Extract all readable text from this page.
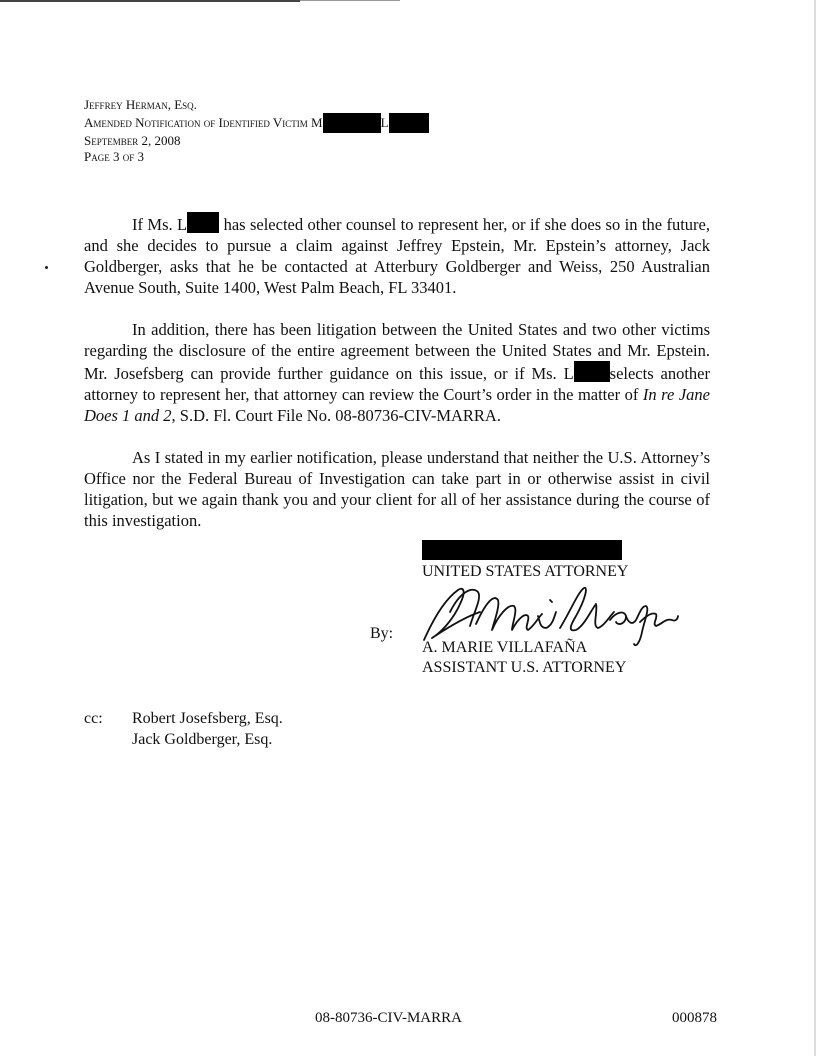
Jeffrey Herman, Esq.
Amended Notification of Identified Victim M	L
September 2, 2008
Page 3 of 3

If Ms. L has selected other counsel to represent her, or if she does so in the future, and she decides to pursue a claim against Jeffrey Epstein, Mr. Epstein’s attorney, Jack Goldberger, asks that he be contacted at Atterbury Goldberger and Weiss, 250 Australian Avenue South, Suite 1400, West Palm Beach, FL 33401.

In addition, there has been litigation between the United States and two other victims regarding the disclosure of the entire agreement between the United States and Mr. Epstein. Mr. Josefsberg can provide further guidance on this issue, or if Ms. L selects another attorney to represent her, that attorney can review the Court’s order in the matter of In re Jane Does 1 and 2, S.D. Fl. Court File No. 08-80736-CIV-MARRA.

As I stated in my earlier notification, please understand that neither the U.S. Attorney’s Office nor the Federal Bureau of Investigation can take part in or otherwise assist in civil litigation, but we again thank you and your client for all of her assistance during the course of this investigation.

UNITED STATES ATTORNEY
A. MARIE VILLAFAÑA
ASSISTANT U.S. ATTORNEY
By:
cc: Robert Josefsberg, Esq.
Jack Goldberger, Esq.
08-80736-CIV-MARRA	000878
